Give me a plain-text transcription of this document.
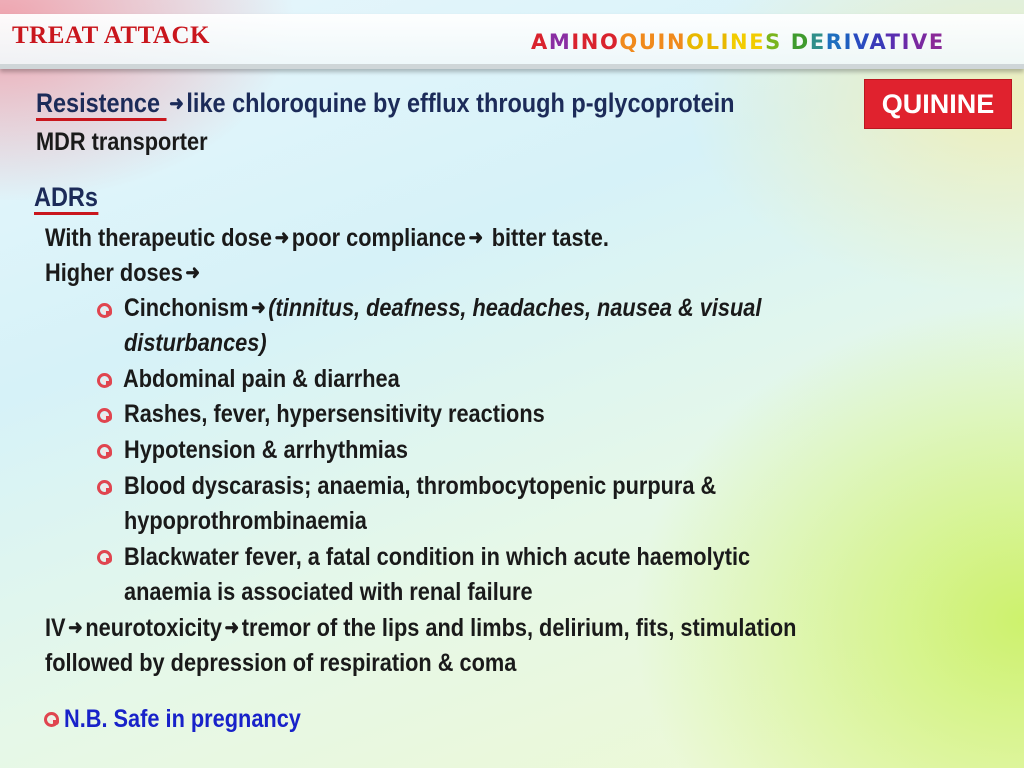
TREAT ATTACK	AMINOQUINOLINES DERIVATIVE
QUININE
Resistence ➜like chloroquine by efflux through p-glycoprotein
MDR transporter
ADRs
With therapeutic dose ➜ poor compliance ➜ bitter taste.
Higher doses ➜
Cinchonism ➜ (tinnitus, deafness, headaches, nausea & visual
disturbances)
Abdominal pain & diarrhea
Rashes, fever, hypersensitivity reactions
Hypotension & arrhythmias
Blood dyscarasis; anaemia, thrombocytopenic purpura &
hypoprothrombinaemia
Blackwater fever, a fatal condition in which acute haemolytic
anaemia is associated with renal failure
IV ➜ neurotoxicity ➜ tremor of the lips and limbs, delirium, fits, stimulation
followed by depression of respiration & coma
N.B. Safe in pregnancy
